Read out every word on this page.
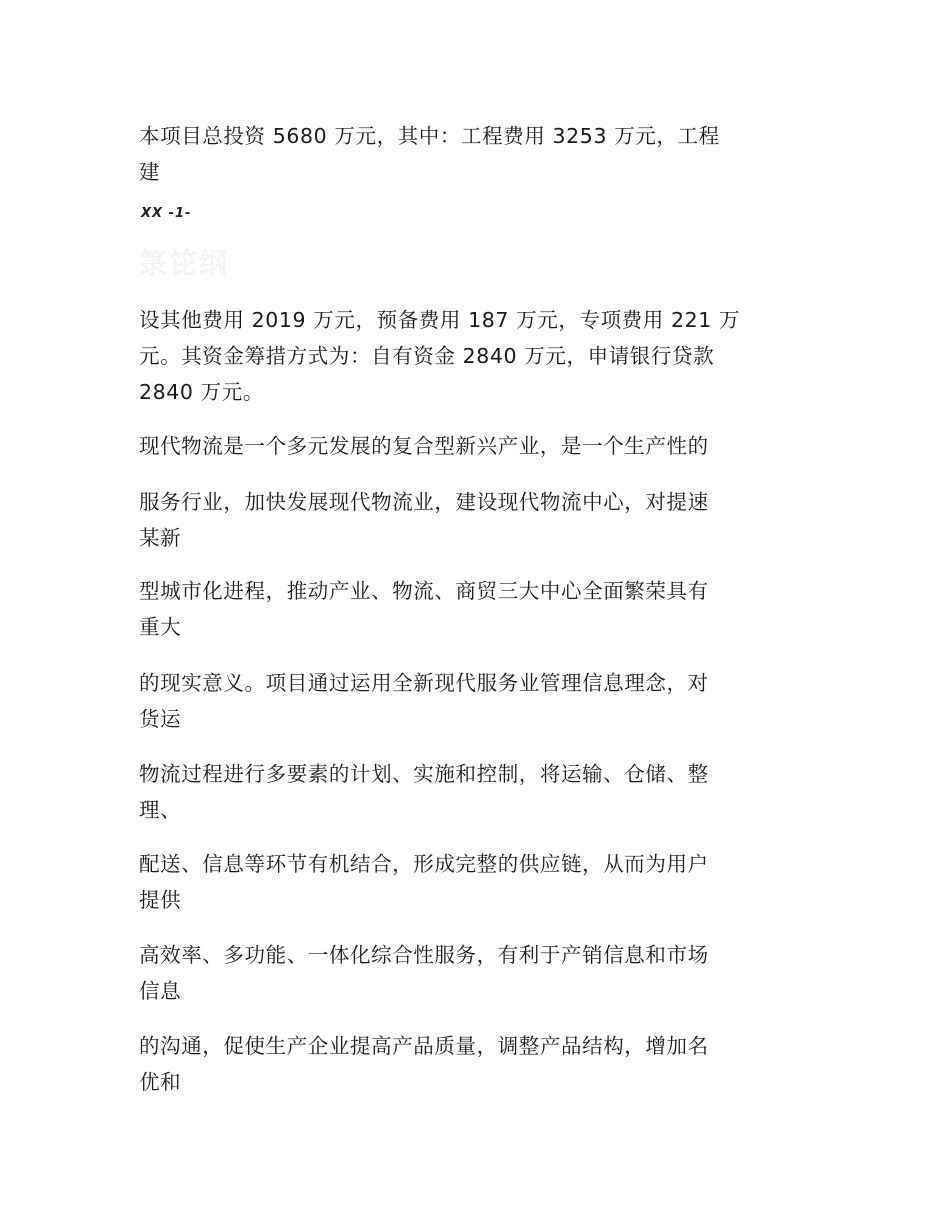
本项目总投资 5680 万元，其中：工程费用 3253 万元，工程
建

XX -1-
箓笓纲

设其他费用 2019 万元，预备费用 187 万元，专项费用 221 万
元。其资金筹措方式为：自有资金 2840 万元，申请银行贷款
2840 万元。

现代物流是一个多元发展的复合型新兴产业，是一个生产性的

服务行业，加快发展现代物流业，建设现代物流中心，对提速
某新

型城市化进程，推动产业、物流、商贸三大中心全面繁荣具有
重大

的现实意义。项目通过运用全新现代服务业管理信息理念，对
货运

物流过程进行多要素的计划、实施和控制，将运输、仓储、整
理、

配送、信息等环节有机结合，形成完整的供应链，从而为用户
提供

高效率、多功能、一体化综合性服务，有利于产销信息和市场
信息

的沟通，促使生产企业提高产品质量，调整产品结构，增加名
优和
